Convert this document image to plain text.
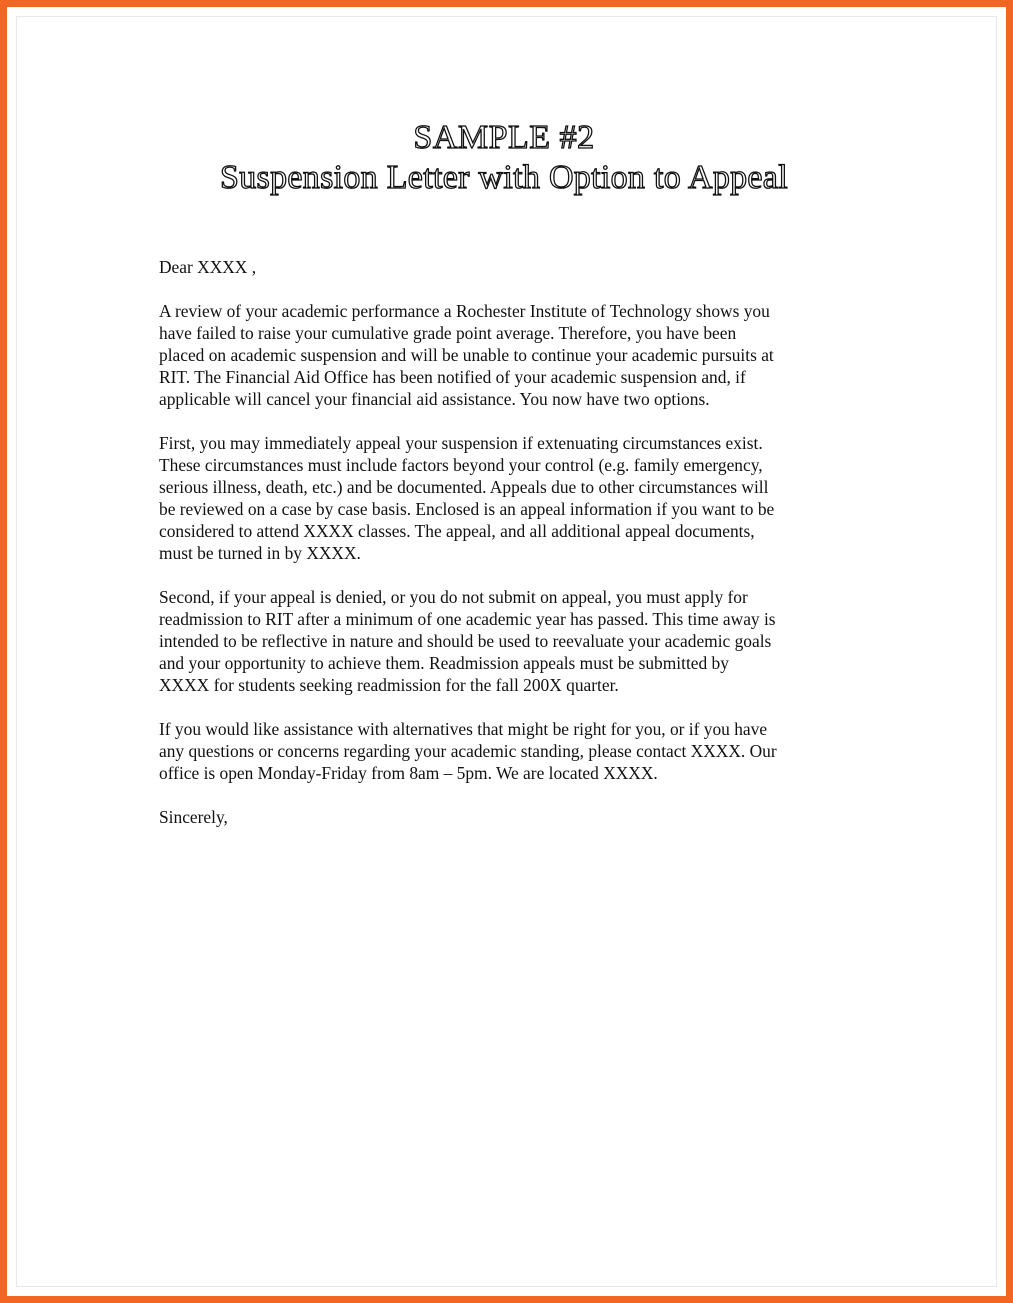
SAMPLE #2
Suspension Letter with Option to Appeal
Dear XXXX ,
A review of your academic performance a Rochester Institute of Technology shows you
have failed to raise your cumulative grade point average. Therefore, you have been
placed on academic suspension and will be unable to continue your academic pursuits at
RIT. The Financial Aid Office has been notified of your academic suspension and, if
applicable will cancel your financial aid assistance. You now have two options.
First, you may immediately appeal your suspension if extenuating circumstances exist.
These circumstances must include factors beyond your control (e.g. family emergency,
serious illness, death, etc.) and be documented. Appeals due to other circumstances will
be reviewed on a case by case basis. Enclosed is an appeal information if you want to be
considered to attend XXXX classes. The appeal, and all additional appeal documents,
must be turned in by XXXX.
Second, if your appeal is denied, or you do not submit on appeal, you must apply for
readmission to RIT after a minimum of one academic year has passed. This time away is
intended to be reflective in nature and should be used to reevaluate your academic goals
and your opportunity to achieve them. Readmission appeals must be submitted by
XXXX for students seeking readmission for the fall 200X quarter.
If you would like assistance with alternatives that might be right for you, or if you have
any questions or concerns regarding your academic standing, please contact XXXX. Our
office is open Monday-Friday from 8am – 5pm. We are located XXXX.
Sincerely,
